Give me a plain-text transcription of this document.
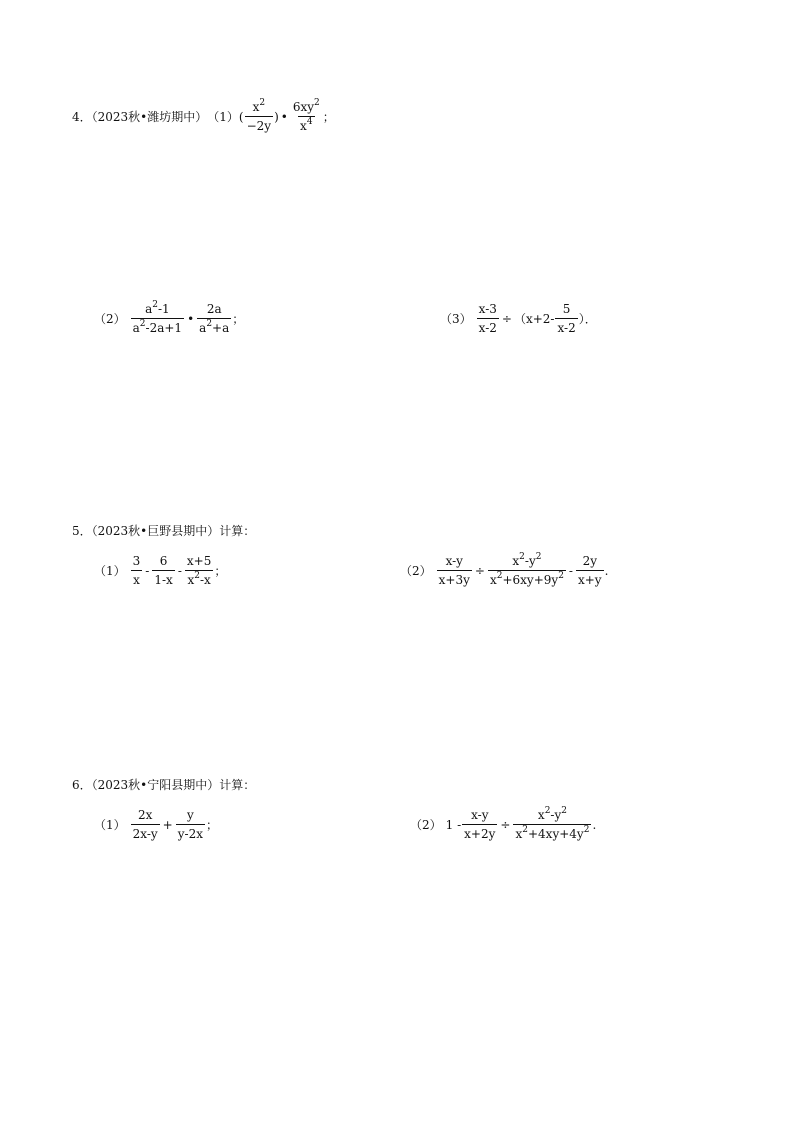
4．（2023秋•潍坊期中） （1） ( $\frac{x^2}{-2y}$ ) • $\frac{6xy^2}{x^4}$ ；
$(2) \frac{a^2-1}{a^2-2a+1}$ • $\frac{2a}{a^2+a}$ ；	$(3) \frac{x-3}{x-2} \div (x+2- \frac{5}{x-2}$ ）．
5．（2023秋•巨野县期中）计算：
$(1) \frac{3}{x} - \frac{6}{1-x} - \frac{x+5}{x^2-x}$ ；	$(2) \frac{x-y}{x+3y} \div \frac{x^2-y^2}{x^2+6xy+9y^2} - \frac{2y}{x+y}$ .
6．（2023秋•宁阳县期中）计算：
$(1) \frac{2x}{2x-y} + \frac{y}{y-2x}$ ；	（2） $1 - \frac{x-y}{x+2y} \div \frac{x^2-y^2}{x^2+4xy+4y^2}$ .
